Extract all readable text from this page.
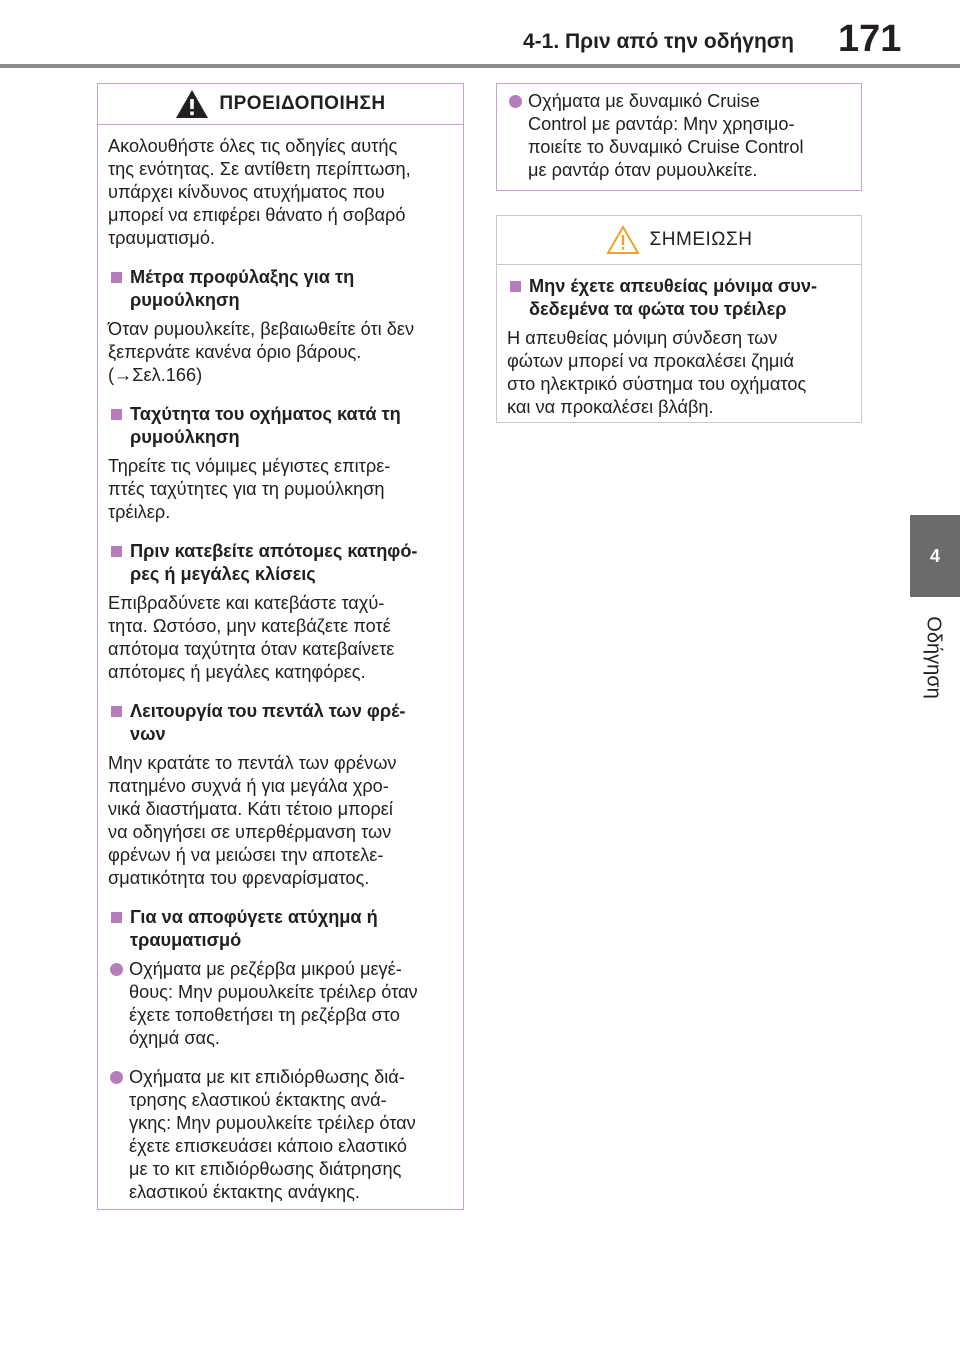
4-1. Πριν από την οδήγηση 171
4
Οδήγηση
ΠΡΟΕΙΔΟΠΟΙΗΣΗ

Ακολουθήστε όλες τις οδηγίες αυτής
της ενότητας. Σε αντίθετη περίπτωση,
υπάρχει κίνδυνος ατυχήματος που
μπορεί να επιφέρει θάνατο ή σοβαρό
τραυματισμό.

Μέτρα προφύλαξης για τη
ρυμούλκηση

Όταν ρυμουλκείτε, βεβαιωθείτε ότι δεν
ξεπερνάτε κανένα όριο βάρους.
(→Σελ.166)

Ταχύτητα του οχήματος κατά τη
ρυμούλκηση

Τηρείτε τις νόμιμες μέγιστες επιτρε-
πτές ταχύτητες για τη ρυμούλκηση
τρέιλερ.

Πριν κατεβείτε απότομες κατηφό-
ρες ή μεγάλες κλίσεις

Επιβραδύνετε και κατεβάστε ταχύ-
τητα. Ωστόσο, μην κατεβάζετε ποτέ
απότομα ταχύτητα όταν κατεβαίνετε
απότομες ή μεγάλες κατηφόρες.

Λειτουργία του πεντάλ των φρέ-
νων

Μην κρατάτε το πεντάλ των φρένων
πατημένο συχνά ή για μεγάλα χρο-
νικά διαστήματα. Κάτι τέτοιο μπορεί
να οδηγήσει σε υπερθέρμανση των
φρένων ή να μειώσει την αποτελε-
σματικότητα του φρεναρίσματος.

Για να αποφύγετε ατύχημα ή
τραυματισμό
Οχήματα με ρεζέρβα μικρού μεγέ-
θους: Μην ρυμουλκείτε τρέιλερ όταν
έχετε τοποθετήσει τη ρεζέρβα στο
όχημά σας.
Οχήματα με κιτ επιδιόρθωσης διά-
τρησης ελαστικού έκτακτης ανά-
γκης: Μην ρυμουλκείτε τρέιλερ όταν
έχετε επισκευάσει κάποιο ελαστικό
με το κιτ επιδιόρθωσης διάτρησης
ελαστικού έκτακτης ανάγκης.
Οχήματα με δυναμικό Cruise
Control με ραντάρ: Μην χρησιμο-
ποιείτε το δυναμικό Cruise Control
με ραντάρ όταν ρυμουλκείτε.
ΣΗΜΕΙΩΣΗ
Μην έχετε απευθείας μόνιμα συν-
δεδεμένα τα φώτα του τρέιλερ

Η απευθείας μόνιμη σύνδεση των
φώτων μπορεί να προκαλέσει ζημιά
στο ηλεκτρικό σύστημα του οχήματος
και να προκαλέσει βλάβη.
